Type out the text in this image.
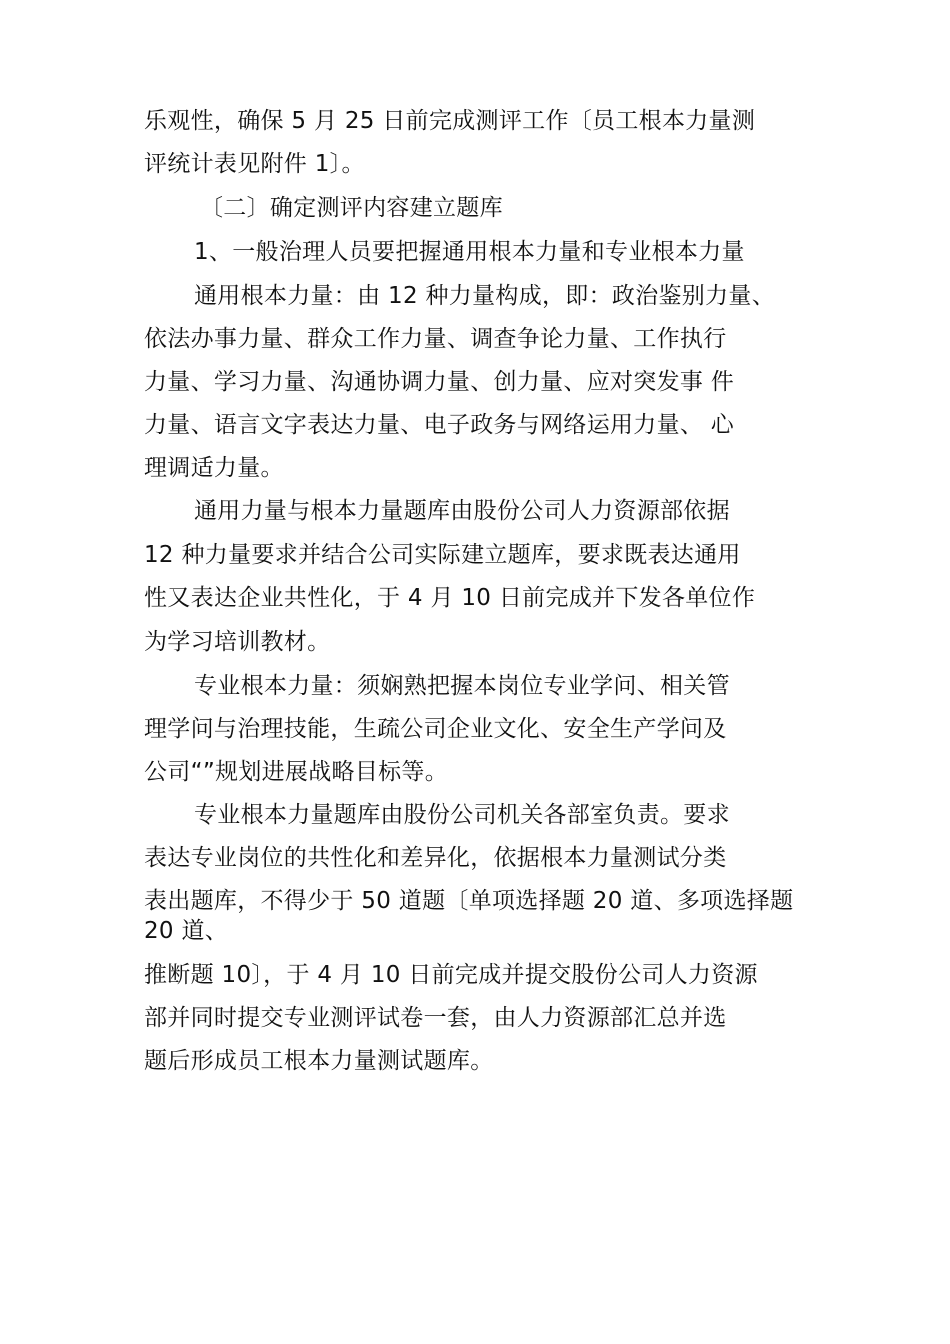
乐观性，确保 5 月 25 日前完成测评工作〔员工根本力量测
评统计表见附件 1〕。
〔二〕确定测评内容建立题库
1、一般治理人员要把握通用根本力量和专业根本力量
通用根本力量：由 12 种力量构成，即：政治鉴别力量、
依法办事力量、群众工作力量、调查争论力量、工作执行
力量、学习力量、沟通协调力量、创力量、应对突发事 件
力量、语言文字表达力量、电子政务与网络运用力量、 心
理调适力量。
通用力量与根本力量题库由股份公司人力资源部依据
12 种力量要求并结合公司实际建立题库，要求既表达通用
性又表达企业共性化，于 4 月 10 日前完成并下发各单位作
为学习培训教材。
专业根本力量：须娴熟把握本岗位专业学问、相关管
理学问与治理技能，生疏公司企业文化、安全生产学问及
公司“”规划进展战略目标等。
专业根本力量题库由股份公司机关各部室负责。要求
表达专业岗位的共性化和差异化，依据根本力量测试分类
表出题库，不得少于 50 道题〔单项选择题 20 道、多项选择题
20 道、
推断题 10〕，于 4 月 10 日前完成并提交股份公司人力资源
部并同时提交专业测评试卷一套，由人力资源部汇总并选
题后形成员工根本力量测试题库。
